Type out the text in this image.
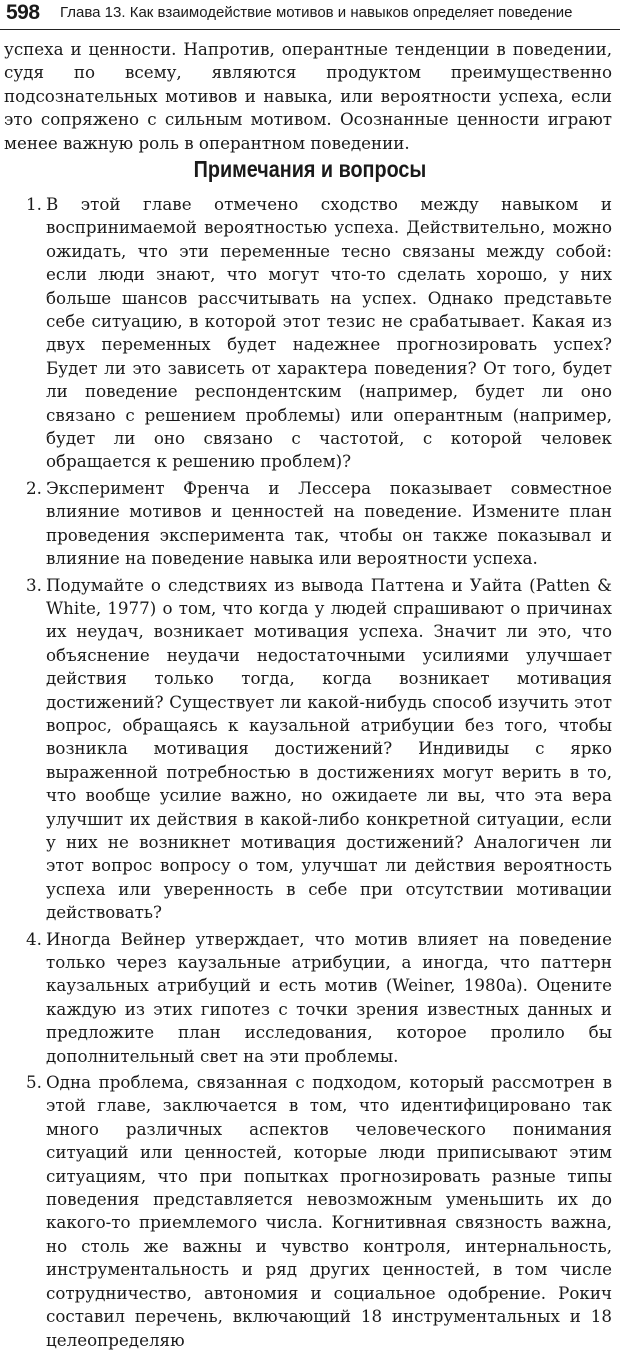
598 Глава 13. Как взаимодействие мотивов и навыков определяет поведение

успеха и ценности. Напротив, оперантные тенденции в поведении, судя по всему, являются продуктом преимущественно подсознательных мотивов и навыка, или вероятности успеха, если это сопряжено с сильным мотивом. Осознанные ценности играют менее важную роль в оперантном поведении.

Примечания и вопросы
1. В этой главе отмечено сходство между навыком и воспринимаемой вероятностью успеха. Действительно, можно ожидать, что эти переменные тесно связаны между собой: если люди знают, что могут что-то сделать хорошо, у них больше шансов рассчитывать на успех. Однако представьте себе ситуацию, в которой этот тезис не срабатывает. Какая из двух переменных будет надежнее прогнозировать успех? Будет ли это зависеть от характера поведения? От того, будет ли поведение респондентским (например, будет ли оно связано с решением проблемы) или оперантным (например, будет ли оно связано с частотой, с которой человек обращается к решению проблем)?
2. Эксперимент Френча и Лессера показывает совместное влияние мотивов и ценностей на поведение. Измените план проведения эксперимента так, чтобы он также показывал и влияние на поведение навыка или вероятности успеха.
3. Подумайте о следствиях из вывода Паттена и Уайта (Patten & White, 1977) о том, что когда у людей спрашивают о причинах их неудач, возникает мотивация успеха. Значит ли это, что объяснение неудачи недостаточными усилиями улучшает действия только тогда, когда возникает мотивация достижений? Существует ли какой-нибудь способ изучить этот вопрос, обращаясь к каузальной атрибуции без того, чтобы возникла мотивация достижений? Индивиды с ярко выраженной потребностью в достижениях могут верить в то, что вообще усилие важно, но ожидаете ли вы, что эта вера улучшит их действия в какой-либо конкретной ситуации, если у них не возникнет мотивация достижений? Аналогичен ли этот вопрос вопросу о том, улучшат ли действия вероятность успеха или уверенность в себе при отсутствии мотивации действовать?
4. Иногда Вейнер утверждает, что мотив влияет на поведение только через каузальные атрибуции, а иногда, что паттерн каузальных атрибуций и есть мотив (Weiner, 1980a). Оцените каждую из этих гипотез с точки зрения известных данных и предложите план исследования, которое пролило бы дополнительный свет на эти проблемы.
5. Одна проблема, связанная с подходом, который рассмотрен в этой главе, заключается в том, что идентифицировано так много различных аспектов человеческого понимания ситуаций или ценностей, которые люди приписывают этим ситуациям, что при попытках прогнозировать разные типы поведения представляется невозможным уменьшить их до какого-то приемлемого числа. Когнитивная связность важна, но столь же важны и чувство контроля, интернальность, инструментальность и ряд других ценностей, в том числе сотрудничество, автономия и социальное одобрение. Рокич составил перечень, включающий 18 инструментальных и 18 целеопределяю
